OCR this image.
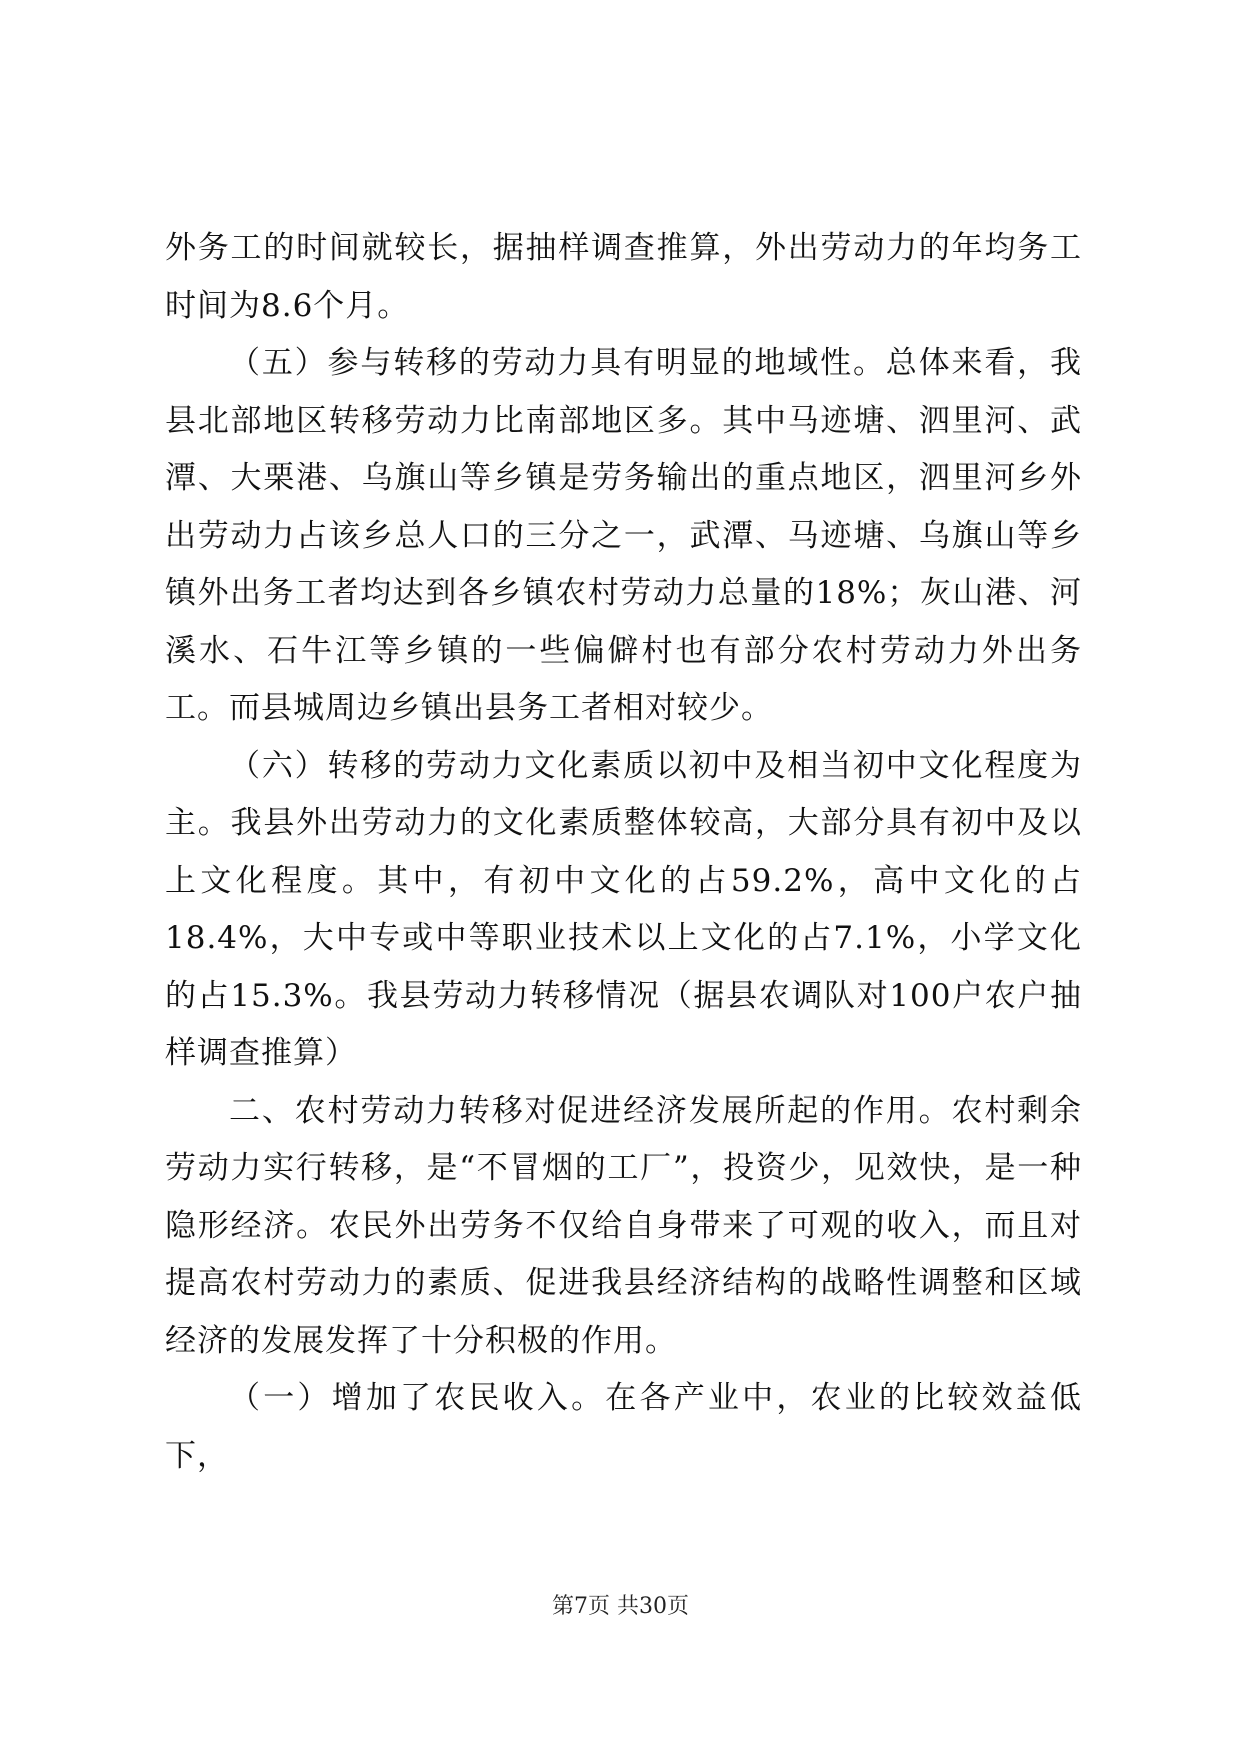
外务工的时间就较长，据抽样调查推算，外出劳动力的年均务工时间为8.6个月。

（五）参与转移的劳动力具有明显的地域性。总体来看，我县北部地区转移劳动力比南部地区多。其中马迹塘、泗里河、武潭、大栗港、乌旗山等乡镇是劳务输出的重点地区，泗里河乡外出劳动力占该乡总人口的三分之一，武潭、马迹塘、乌旗山等乡镇外出务工者均达到各乡镇农村劳动力总量的18%；灰山港、河溪水、石牛江等乡镇的一些偏僻村也有部分农村劳动力外出务工。而县城周边乡镇出县务工者相对较少。

（六）转移的劳动力文化素质以初中及相当初中文化程度为主。我县外出劳动力的文化素质整体较高，大部分具有初中及以上文化程度。其中，有初中文化的占59.2%，高中文化的占18.4%，大中专或中等职业技术以上文化的占7.1%，小学文化的占15.3%。我县劳动力转移情况（据县农调队对100户农户抽样调查推算）

二、农村劳动力转移对促进经济发展所起的作用。农村剩余劳动力实行转移，是“不冒烟的工厂”，投资少，见效快，是一种隐形经济。农民外出劳务不仅给自身带来了可观的收入，而且对提高农村劳动力的素质、促进我县经济结构的战略性调整和区域经济的发展发挥了十分积极的作用。

（一）增加了农民收入。在各产业中，农业的比较效益低下，

第7页 共30页
